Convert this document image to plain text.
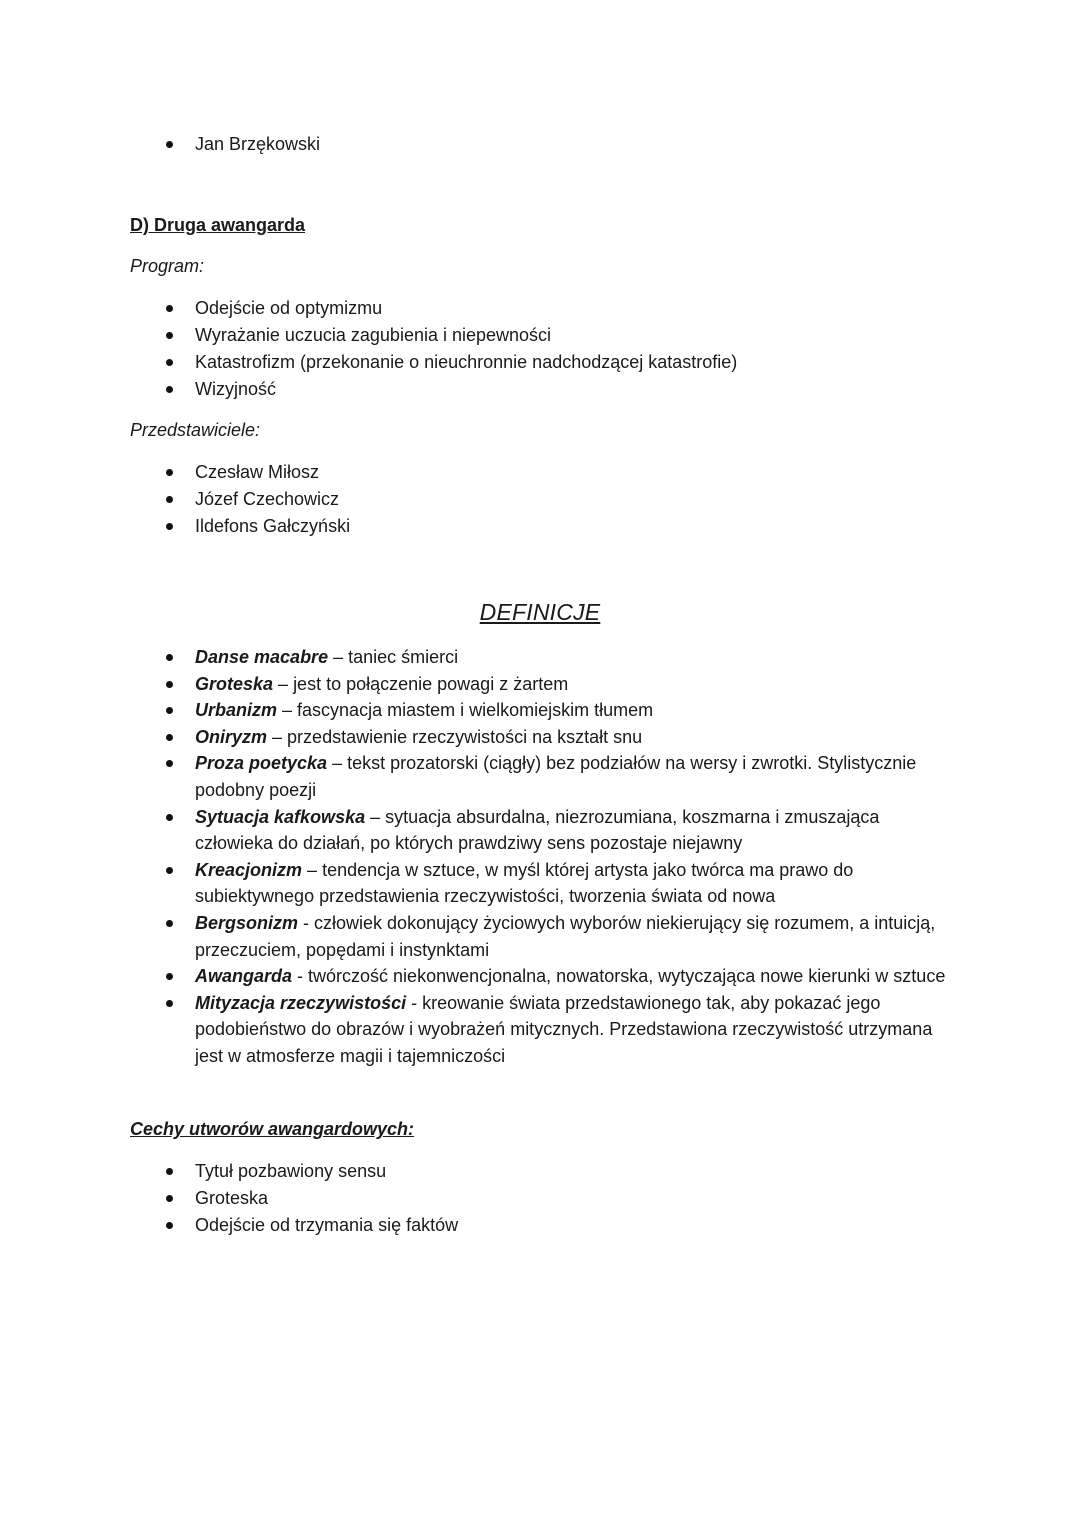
Jan Brzękowski
D) Druga awangarda
Program:
Odejście od optymizmu
Wyrażanie uczucia zagubienia i niepewności
Katastrofizm (przekonanie o nieuchronnie nadchodzącej katastrofie)
Wizyjność
Przedstawiciele:
Czesław Miłosz
Józef Czechowicz
Ildefons Gałczyński
DEFINICJE
Danse macabre – taniec śmierci
Groteska – jest to połączenie powagi z żartem
Urbanizm – fascynacja miastem i wielkomiejskim tłumem
Oniryzm – przedstawienie rzeczywistości na kształt snu
Proza poetycka – tekst prozatorski (ciągły) bez podziałów na wersy i zwrotki. Stylistycznie podobny poezji
Sytuacja kafkowska – sytuacja absurdalna, niezrozumiana, koszmarna i zmuszająca człowieka do działań, po których prawdziwy sens pozostaje niejawny
Kreacjonizm – tendencja w sztuce, w myśl której artysta jako twórca ma prawo do subiektywnego przedstawienia rzeczywistości, tworzenia świata od nowa
Bergsonizm - człowiek dokonujący życiowych wyborów niekierujący się rozumem, a intuicją, przeczuciem, popędami i instynktami
Awangarda - twórczość niekonwencjonalna, nowatorska, wytyczająca nowe kierunki w sztuce
Mityzacja rzeczywistości - kreowanie świata przedstawionego tak, aby pokazać jego podobieństwo do obrazów i wyobrażeń mitycznych. Przedstawiona rzeczywistość utrzymana jest w atmosferze magii i tajemniczości
Cechy utworów awangardowych:
Tytuł pozbawiony sensu
Groteska
Odejście od trzymania się faktów
